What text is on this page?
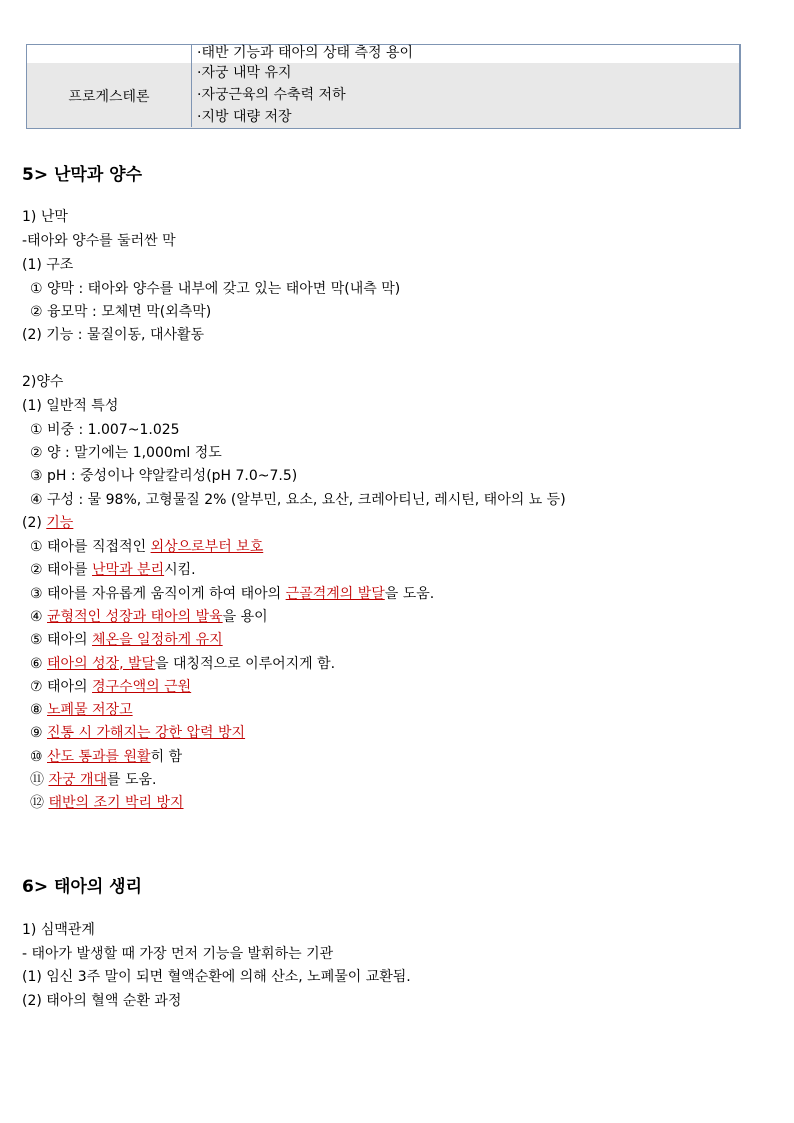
프로게스테론
·태반 기능과 태아의 상태 측정 용이
·자궁 내막 유지
·자궁근육의 수축력 저하
·지방 대량 저장
5> 난막과 양수
1) 난막
-태아와 양수를 둘러싼 막
(1) 구조
① 양막 : 태아와 양수를 내부에 갖고 있는 태아면 막(내측 막)
② 융모막 : 모체면 막(외측막)
(2) 기능 : 물질이동, 대사활동
2)양수
(1) 일반적 특성
① 비중 : 1.007~1.025
② 양 : 말기에는 1,000ml 정도
③ pH : 중성이나 약알칼리성(pH 7.0~7.5)
④ 구성 : 물 98%, 고형물질 2% (알부민, 요소, 요산, 크레아티닌, 레시틴, 태아의 뇨 등)
(2) 기능
① 태아를 직접적인 외상으로부터 보호
② 태아를 난막과 분리시킴.
③ 태아를 자유롭게 움직이게 하여 태아의 근골격계의 발달을 도움.
④ 균형적인 성장과 태아의 발육을 용이
⑤ 태아의 체온을 일정하게 유지
⑥ 태아의 성장, 발달을 대칭적으로 이루어지게 함.
⑦ 태아의 경구수액의 근원
⑧ 노폐물 저장고
⑨ 진통 시 가해지는 강한 압력 방지
⑩ 산도 통과를 원활히 함
⑪ 자궁 개대를 도움.
⑫ 태반의 조기 박리 방지
6> 태아의 생리
1) 심맥관계
- 태아가 발생할 때 가장 먼저 기능을 발휘하는 기관
(1) 임신 3주 말이 되면 혈액순환에 의해 산소, 노폐물이 교환됨.
(2) 태아의 혈액 순환 과정
